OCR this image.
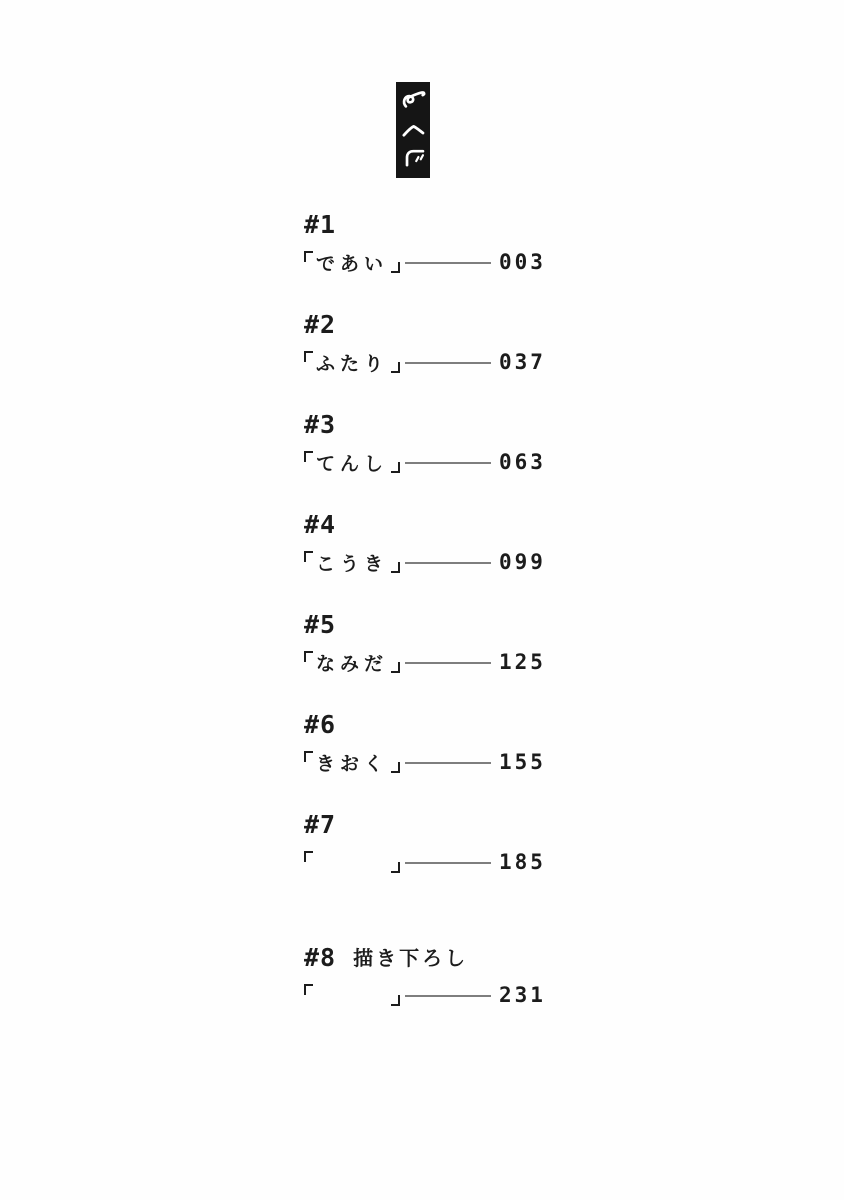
#1
であい	003
#2
ふたり	037
#3
てんし	063
#4
こうき	099
#5
なみだ	125
#6
きおく	155
#7
185
#8 描き下ろし
231
